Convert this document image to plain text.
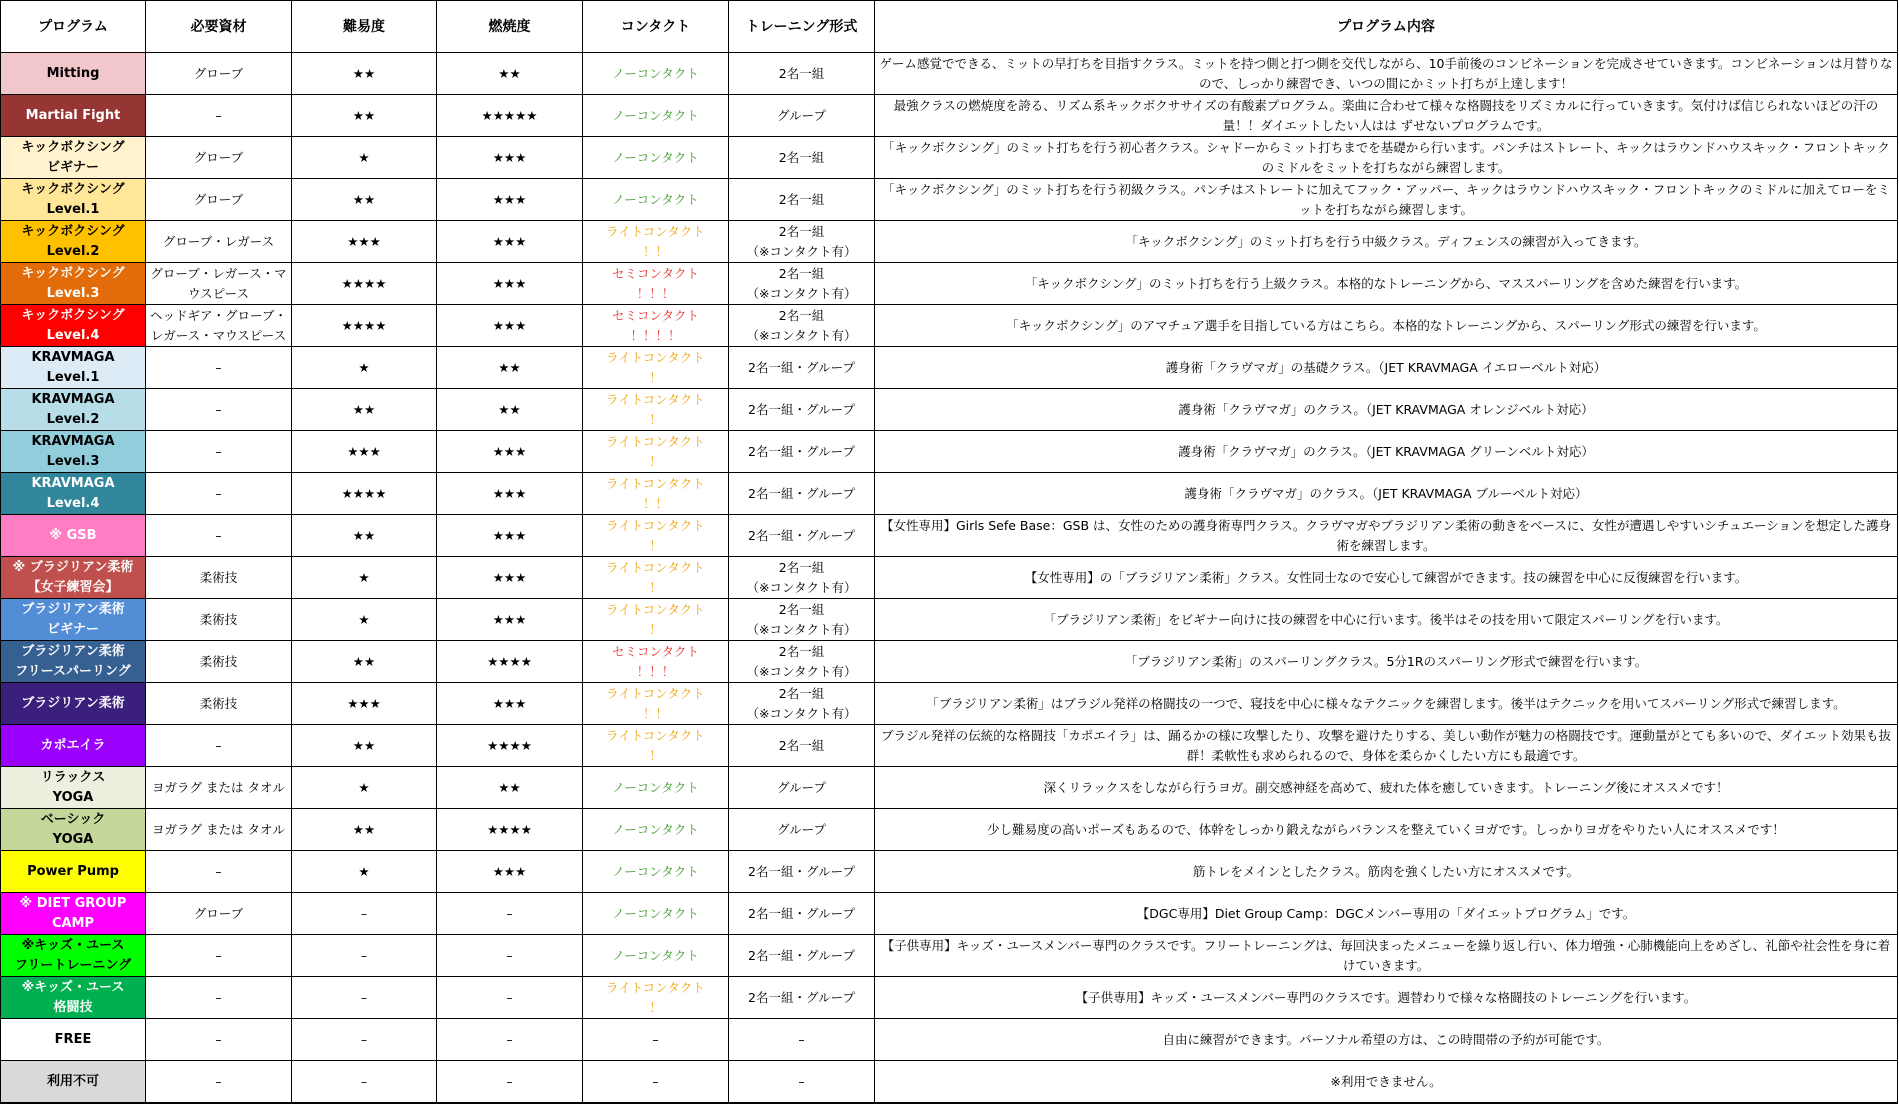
プログラム	必要資材	難易度	燃焼度	コンタクト	トレーニング形式	プログラム内容

Mitting	グローブ	★★	★★	ノーコンタクト	2名一組	ゲーム感覚でできる、ミットの早打ちを目指すクラス。ミットを持つ側と打つ側を交代しながら、10手前後のコンビネーションを完成させていきます。コンビネーションは月替りなので、しっかり練習でき、いつの間にかミット打ちが上達します！

Martial Fight	–	★★	★★★★★	ノーコンタクト	グループ	最強クラスの燃焼度を誇る、リズム系キックボクササイズの有酸素プログラム。楽曲に合わせて様々な格闘技をリズミカルに行っていきます。気付けば信じられないほどの汗の量！！ダイエットしたい人はは ずせないプログラムです。

キックボクシング
ビギナー	グローブ	★	★★★	ノーコンタクト	2名一組	「キックボクシング」のミット打ちを行う初心者クラス。シャドーからミット打ちまでを基礎から行います。パンチはストレート、キックはラウンドハウスキック・フロントキックのミドルをミットを打ちながら練習します。

キックボクシング
Level.1	グローブ	★★	★★★	ノーコンタクト	2名一組	「キックボクシング」のミット打ちを行う初級クラス。パンチはストレートに加えてフック・アッパー、キックはラウンドハウスキック・フロントキックのミドルに加えてローをミットを打ちながら練習します。

キックボクシング
Level.2	グローブ・レガース	★★★	★★★	ライトコンタクト
！！	2名一組
（※コンタクト有）	「キックボクシング」のミット打ちを行う中級クラス。ディフェンスの練習が入ってきます。

キックボクシング
Level.3	グローブ・レガース・マウスピース	★★★★	★★★	セミコンタクト
！！！	2名一組
（※コンタクト有）	「キックボクシング」のミット打ちを行う上級クラス。本格的なトレーニングから、マススパーリングを含めた練習を行います。

キックボクシング
Level.4	ヘッドギア・グローブ・レガース・マウスピース	★★★★	★★★	セミコンタクト
！！！！	2名一組
（※コンタクト有）	「キックボクシング」のアマチュア選手を目指している方はこちら。本格的なトレーニングから、スパーリング形式の練習を行います。

KRAVMAGA
Level.1	–	★	★★	ライトコンタクト
！	2名一組・グループ	護身術「クラヴマガ」の基礎クラス。（JET KRAVMAGA イエローベルト対応）

KRAVMAGA
Level.2	–	★★	★★	ライトコンタクト
！	2名一組・グループ	護身術「クラヴマガ」のクラス。（JET KRAVMAGA オレンジベルト対応）

KRAVMAGA
Level.3	–	★★★	★★★	ライトコンタクト
！	2名一組・グループ	護身術「クラヴマガ」のクラス。（JET KRAVMAGA グリーンベルト対応）

KRAVMAGA
Level.4	–	★★★★	★★★	ライトコンタクト
！！	2名一組・グループ	護身術「クラヴマガ」のクラス。（JET KRAVMAGA ブルーベルト対応）

※ GSB	–	★★	★★★	ライトコンタクト
！	2名一組・グループ	【女性専用】Girls Sefe Base：GSB は、女性のための護身術専門クラス。クラヴマガやブラジリアン柔術の動きをベースに、女性が遭遇しやすいシチュエーションを想定した護身術を練習します。

※ ブラジリアン柔術
【女子練習会】	柔術技	★	★★★	ライトコンタクト
！	2名一組
（※コンタクト有）	【女性専用】の「ブラジリアン柔術」クラス。女性同士なので安心して練習ができます。技の練習を中心に反復練習を行います。

ブラジリアン柔術
ビギナー	柔術技	★	★★★	ライトコンタクト
！	2名一組
（※コンタクト有）	「ブラジリアン柔術」をビギナー向けに技の練習を中心に行います。後半はその技を用いて限定スパーリングを行います。

ブラジリアン柔術
フリースパーリング	柔術技	★★	★★★★	セミコンタクト
！！！	2名一組
（※コンタクト有）	「ブラジリアン柔術」のスパーリングクラス。5分1Rのスパーリング形式で練習を行います。

ブラジリアン柔術	柔術技	★★★	★★★	ライトコンタクト
！！	2名一組
（※コンタクト有）	「ブラジリアン柔術」はブラジル発祥の格闘技の一つで、寝技を中心に様々なテクニックを練習します。後半はテクニックを用いてスパーリング形式で練習します。

カポエイラ	–	★★	★★★★	ライトコンタクト
！	2名一組	ブラジル発祥の伝統的な格闘技「カポエイラ」は、踊るかの様に攻撃したり、攻撃を避けたりする、美しい動作が魅力の格闘技です。運動量がとても多いので、ダイエット効果も抜群！柔軟性も求められるので、身体を柔らかくしたい方にも最適です。

リラックス
YOGA	ヨガラグ または タオル	★	★★	ノーコンタクト	グループ	深くリラックスをしながら行うヨガ。副交感神経を高めて、疲れた体を癒していきます。トレーニング後にオススメです！

ベーシック
YOGA	ヨガラグ または タオル	★★	★★★★	ノーコンタクト	グループ	少し難易度の高いポーズもあるので、体幹をしっかり鍛えながらバランスを整えていくヨガです。しっかりヨガをやりたい人にオススメです！

Power Pump	–	★	★★★	ノーコンタクト	2名一組・グループ	筋トレをメインとしたクラス。筋肉を強くしたい方にオススメです。

※ DIET GROUP
CAMP	グローブ	–	–	ノーコンタクト	2名一組・グループ	【DGC専用】Diet Group Camp：DGCメンバー専用の「ダイエットプログラム」です。

※キッズ・ユース
フリートレーニング	–	–	–	ノーコンタクト	2名一組・グループ	【子供専用】キッズ・ユースメンバー専門のクラスです。フリートレーニングは、毎回決まったメニューを繰り返し行い、体力増強・心肺機能向上をめざし、礼節や社会性を身に着けていきます。

※キッズ・ユース
格闘技	–	–	–	ライトコンタクト
！	2名一組・グループ	【子供専用】キッズ・ユースメンバー専門のクラスです。週替わりで様々な格闘技のトレーニングを行います。

FREE	–	–	–	–	–	自由に練習ができます。パーソナル希望の方は、この時間帯の予約が可能です。

利用不可	–	–	–	–	–	※利用できません。
